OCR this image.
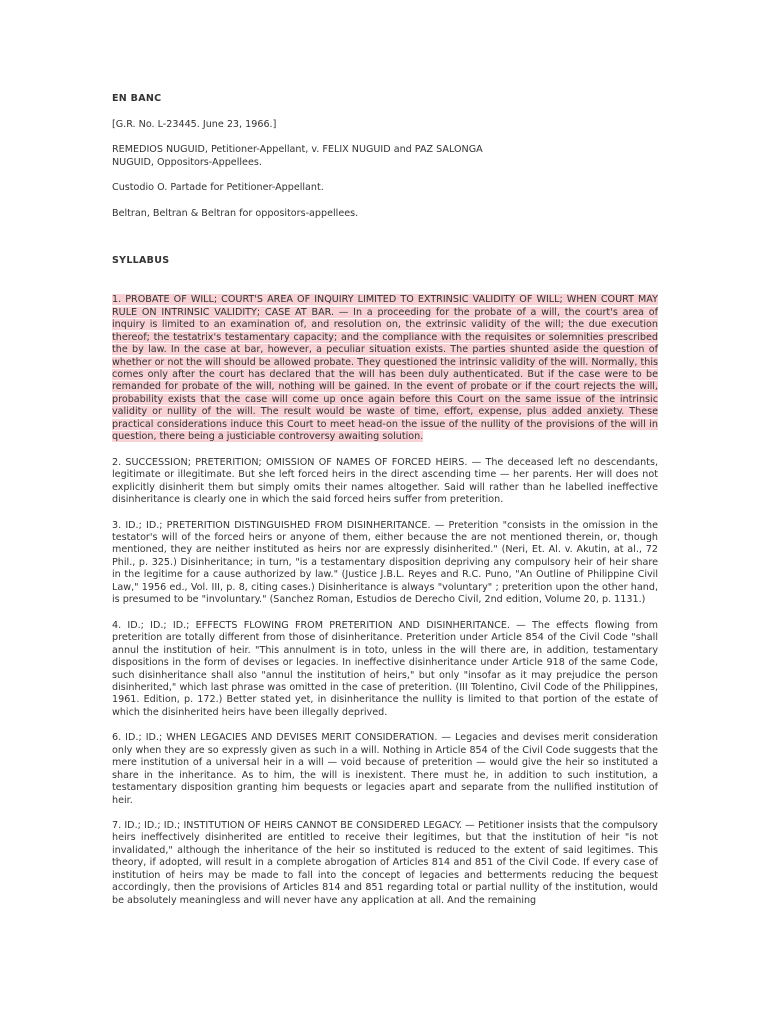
EN BANC

[G.R. No. L-23445. June 23, 1966.]

REMEDIOS NUGUID, Petitioner-Appellant, v. FELIX NUGUID and PAZ SALONGA
NUGUID, Oppositors-Appellees.

Custodio O. Partade for Petitioner-Appellant.

Beltran, Beltran & Beltran for oppositors-appellees.

SYLLABUS

1. PROBATE OF WILL; COURT'S AREA OF INQUIRY LIMITED TO EXTRINSIC VALIDITY OF WILL; WHEN COURT MAY RULE ON INTRINSIC VALIDITY; CASE AT BAR. — In a proceeding for the probate of a will, the court's area of inquiry is limited to an examination of, and resolution on, the extrinsic validity of the will; the due execution thereof; the testatrix's testamentary capacity; and the compliance with the requisites or solemnities prescribed the by law. In the case at bar, however, a peculiar situation exists. The parties shunted aside the question of whether or not the will should be allowed probate. They questioned the intrinsic validity of the will. Normally, this comes only after the court has declared that the will has been duly authenticated. But if the case were to be remanded for probate of the will, nothing will be gained. In the event of probate or if the court rejects the will, probability exists that the case will come up once again before this Court on the same issue of the intrinsic validity or nullity of the will. The result would be waste of time, effort, expense, plus added anxiety. These practical considerations induce this Court to meet head-on the issue of the nullity of the provisions of the will in question, there being a justiciable controversy awaiting solution.

2. SUCCESSION; PRETERITION; OMISSION OF NAMES OF FORCED HEIRS. — The deceased left no descendants, legitimate or illegitimate. But she left forced heirs in the direct ascending time — her parents. Her will does not explicitly disinherit them but simply omits their names altogether. Said will rather than he labelled ineffective disinheritance is clearly one in which the said forced heirs suffer from preterition.

3. ID.; ID.; PRETERITION DISTINGUISHED FROM DISINHERITANCE. — Preterition "consists in the omission in the testator's will of the forced heirs or anyone of them, either because the are not mentioned therein, or, though mentioned, they are neither instituted as heirs nor are expressly disinherited." (Neri, Et. Al. v. Akutin, at al., 72 Phil., p. 325.) Disinheritance; in turn, "is a testamentary disposition depriving any compulsory heir of heir share in the legitime for a cause authorized by law." (Justice J.B.L. Reyes and R.C. Puno, "An Outline of Philippine Civil Law," 1956 ed., Vol. III, p. 8, citing cases.) Disinheritance is always "voluntary" ; preterition upon the other hand, is presumed to be "involuntary." (Sanchez Roman, Estudios de Derecho Civil, 2nd edition, Volume 20, p. 1131.)

4. ID.; ID.; ID.; EFFECTS FLOWING FROM PRETERITION AND DISINHERITANCE. — The effects flowing from preterition are totally different from those of disinheritance. Preterition under Article 854 of the Civil Code "shall annul the institution of heir. "This annulment is in toto, unless in the will there are, in addition, testamentary dispositions in the form of devises or legacies. In ineffective disinheritance under Article 918 of the same Code, such disinheritance shall also "annul the institution of heirs," but only "insofar as it may prejudice the person disinherited," which last phrase was omitted in the case of preterition. (III Tolentino, Civil Code of the Philippines, 1961. Edition, p. 172.) Better stated yet, in disinheritance the nullity is limited to that portion of the estate of which the disinherited heirs have been illegally deprived.

6. ID.; ID.; WHEN LEGACIES AND DEVISES MERIT CONSIDERATION. — Legacies and devises merit consideration only when they are so expressly given as such in a will. Nothing in Article 854 of the Civil Code suggests that the mere institution of a universal heir in a will — void because of preterition — would give the heir so instituted a share in the inheritance. As to him, the will is inexistent. There must he, in addition to such institution, a testamentary disposition granting him bequests or legacies apart and separate from the nullified institution of heir.

7. ID.; ID.; ID.; INSTITUTION OF HEIRS CANNOT BE CONSIDERED LEGACY. — Petitioner insists that the compulsory heirs ineffectively disinherited are entitled to receive their legitimes, but that the institution of heir "is not invalidated," although the inheritance of the heir so instituted is reduced to the extent of said legitimes. This theory, if adopted, will result in a complete abrogation of Articles 814 and 851 of the Civil Code. If every case of institution of heirs may be made to fall into the concept of legacies and betterments reducing the bequest accordingly, then the provisions of Articles 814 and 851 regarding total or partial nullity of the institution, would be absolutely meaningless and will never have any application at all. And the remaining
